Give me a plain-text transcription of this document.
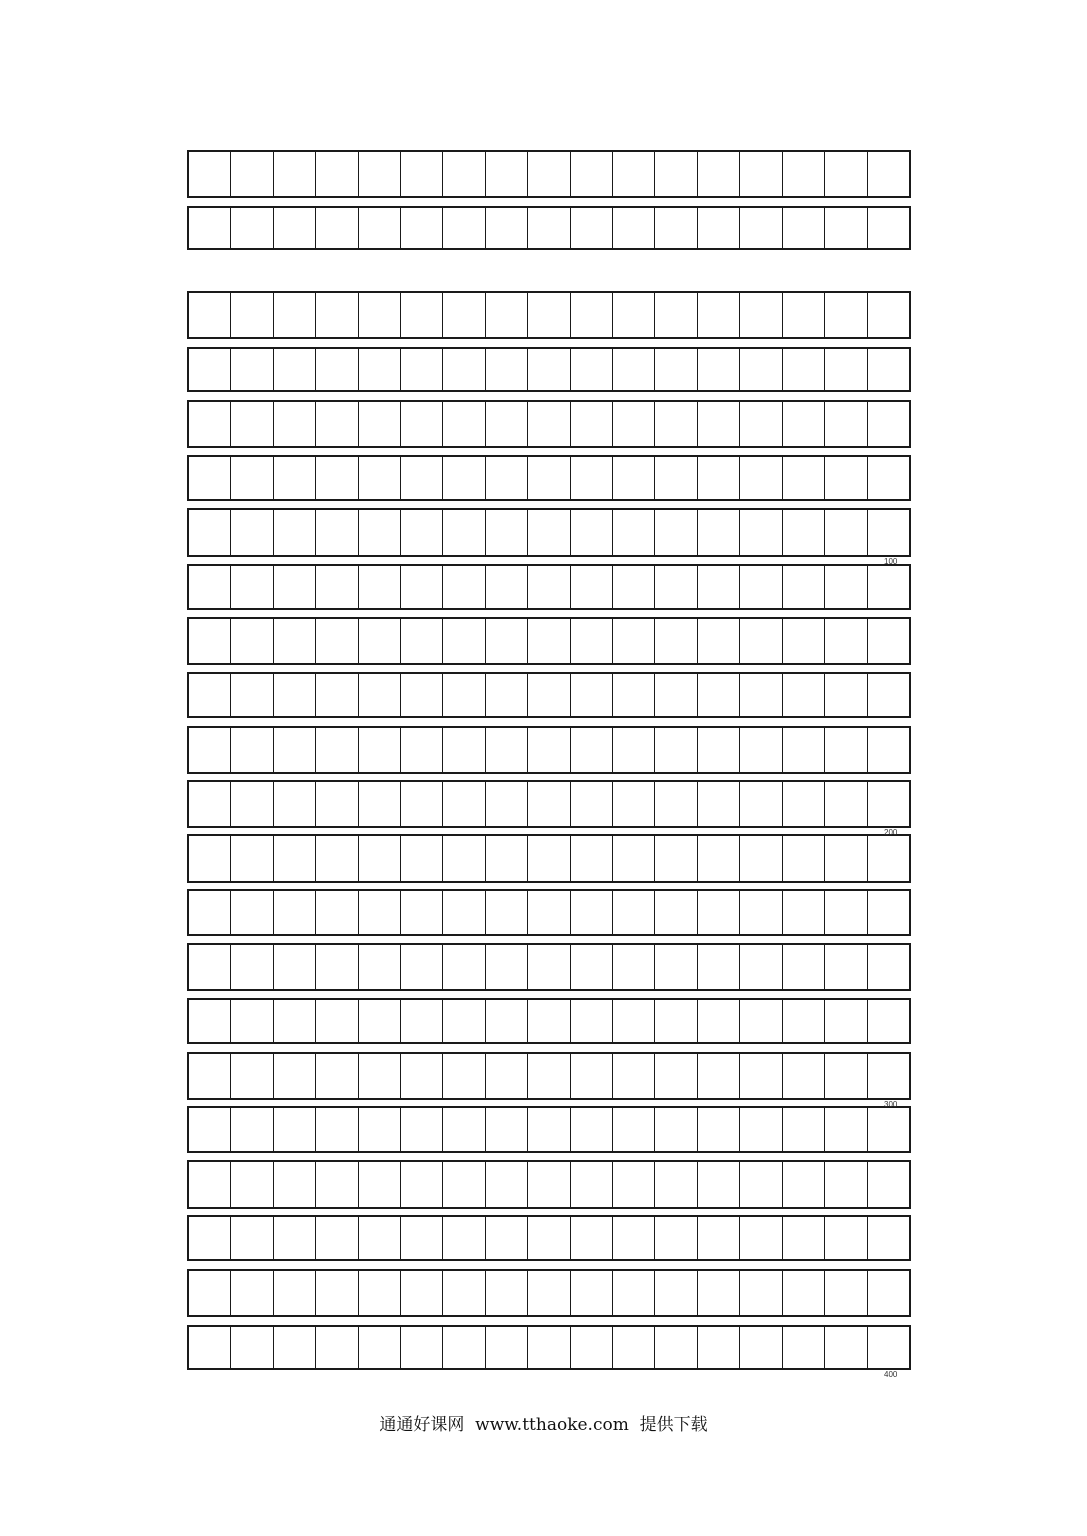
100
200
300
400
通通好课网  www.tthaoke.com  提供下载
